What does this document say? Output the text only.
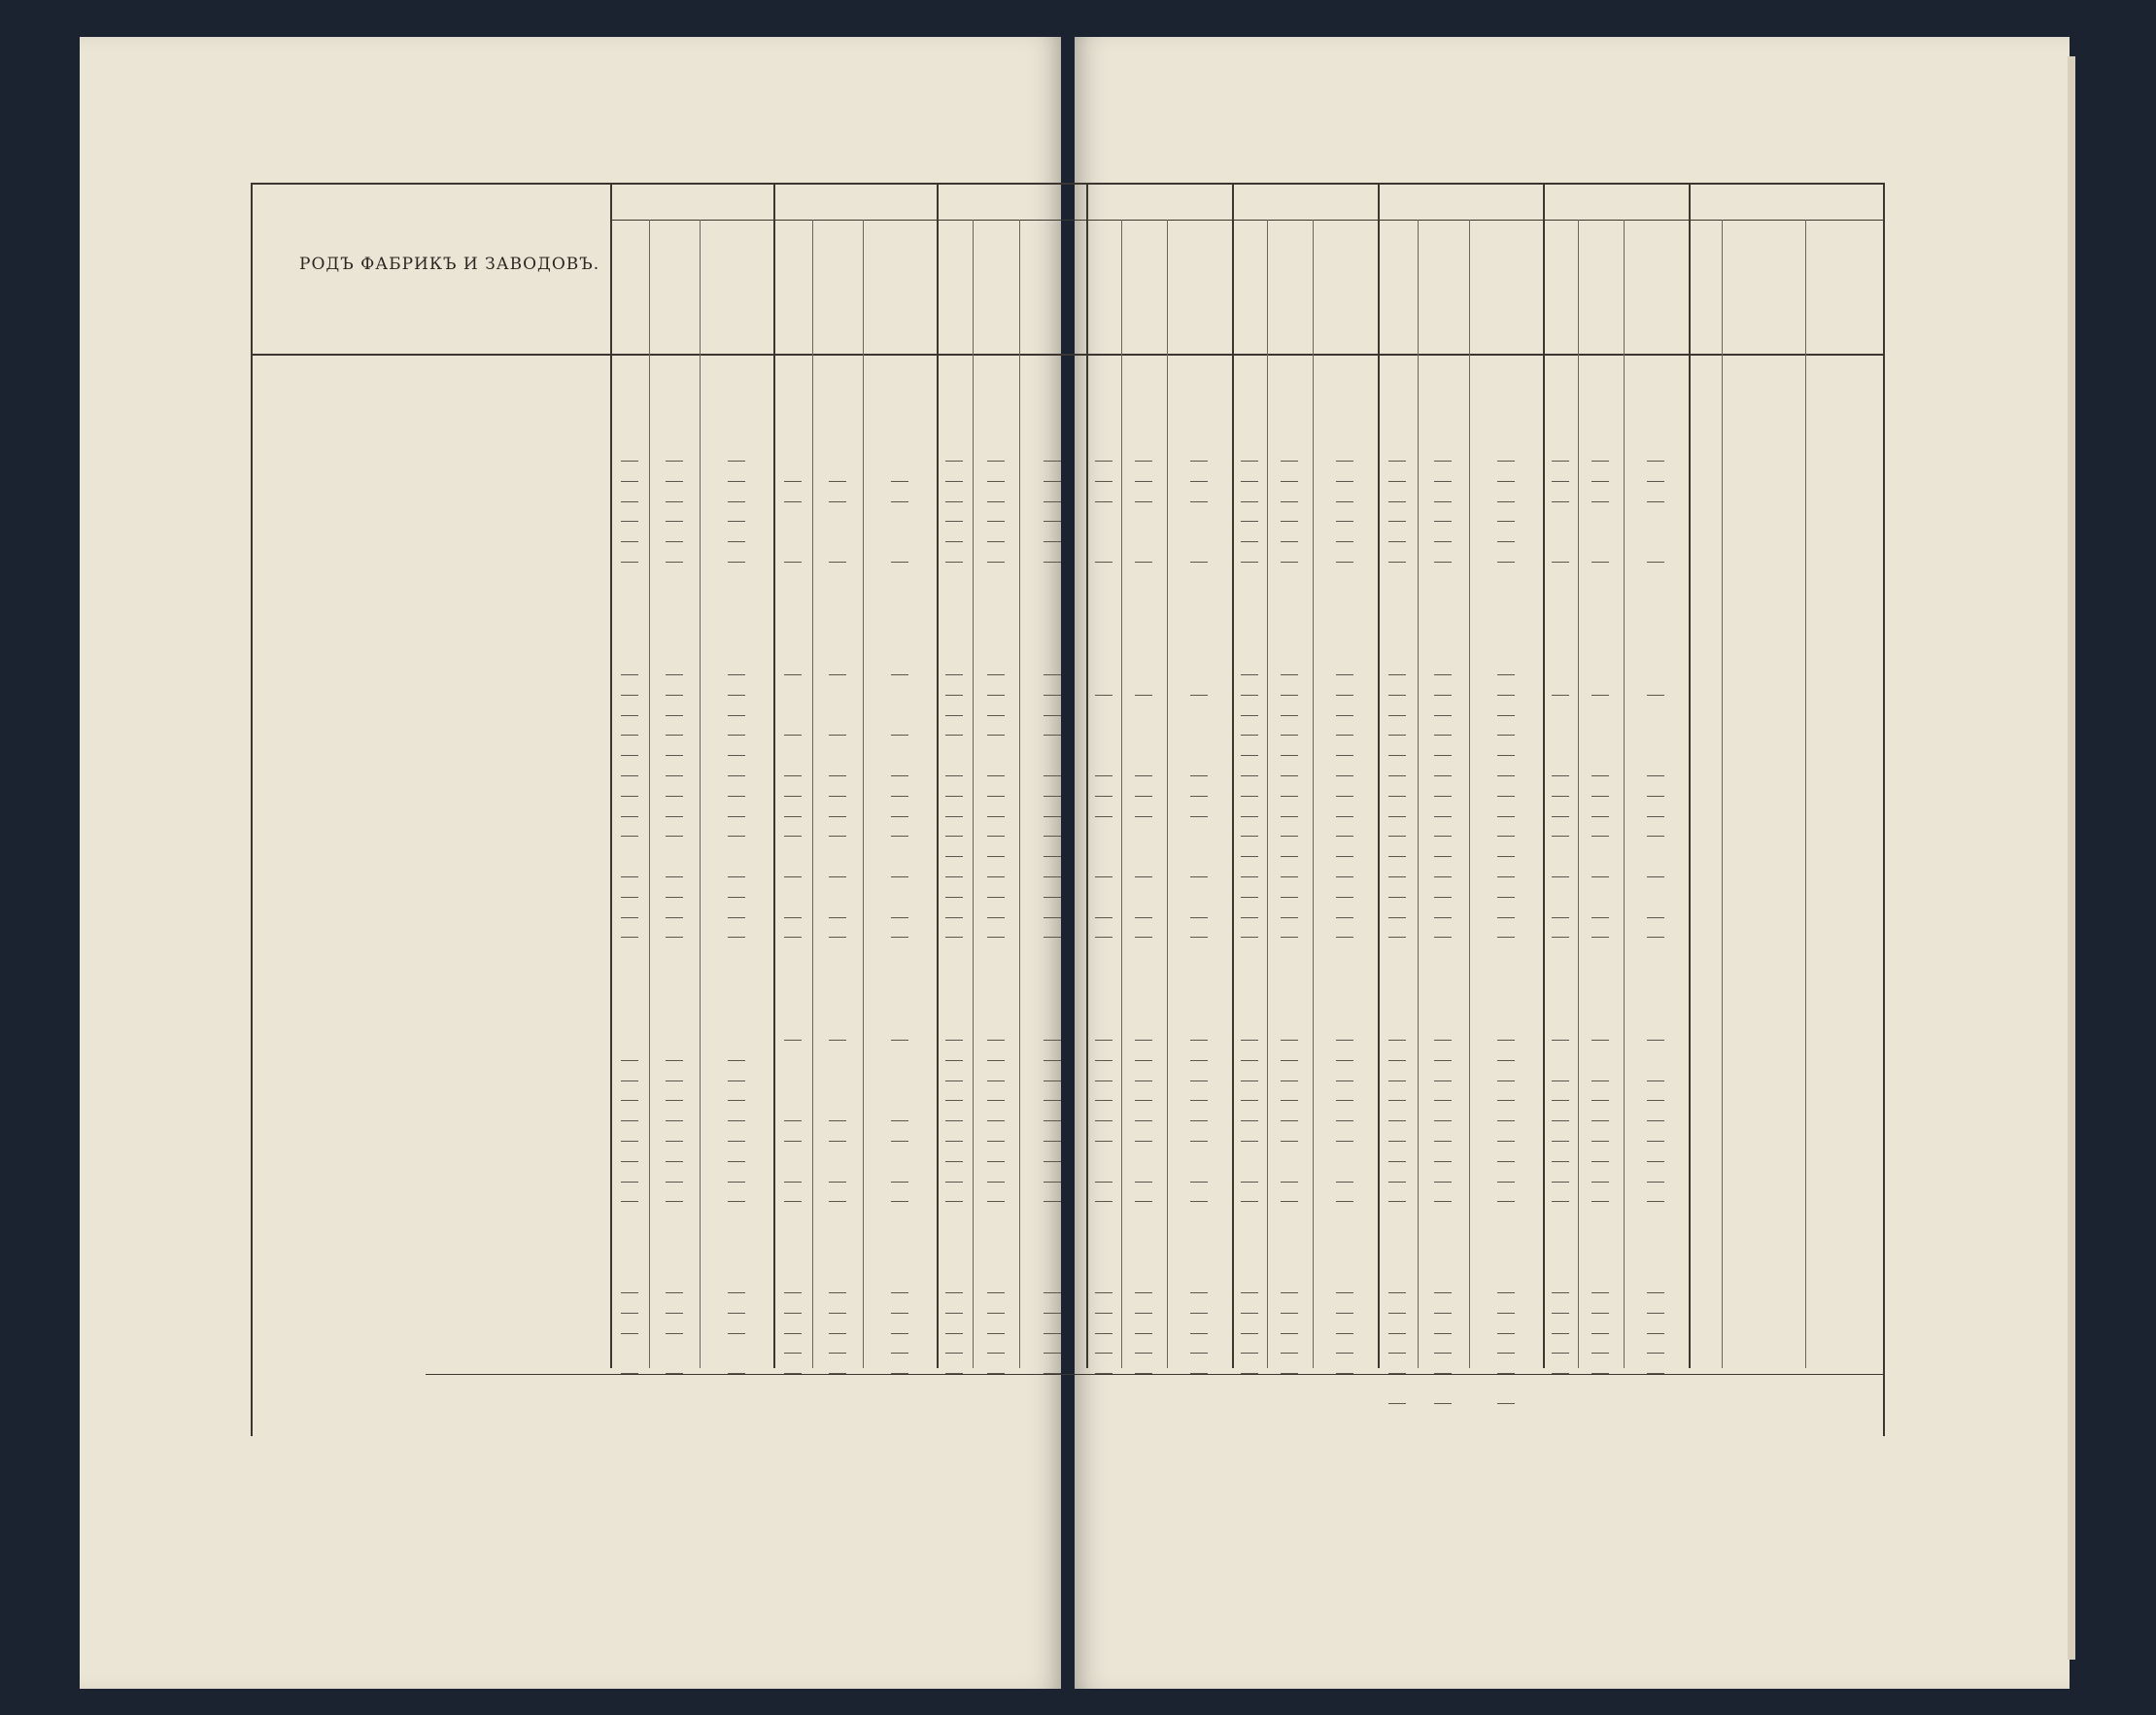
РОДЪ ФАБРИКЪ И ЗАВОДОВЪ.
